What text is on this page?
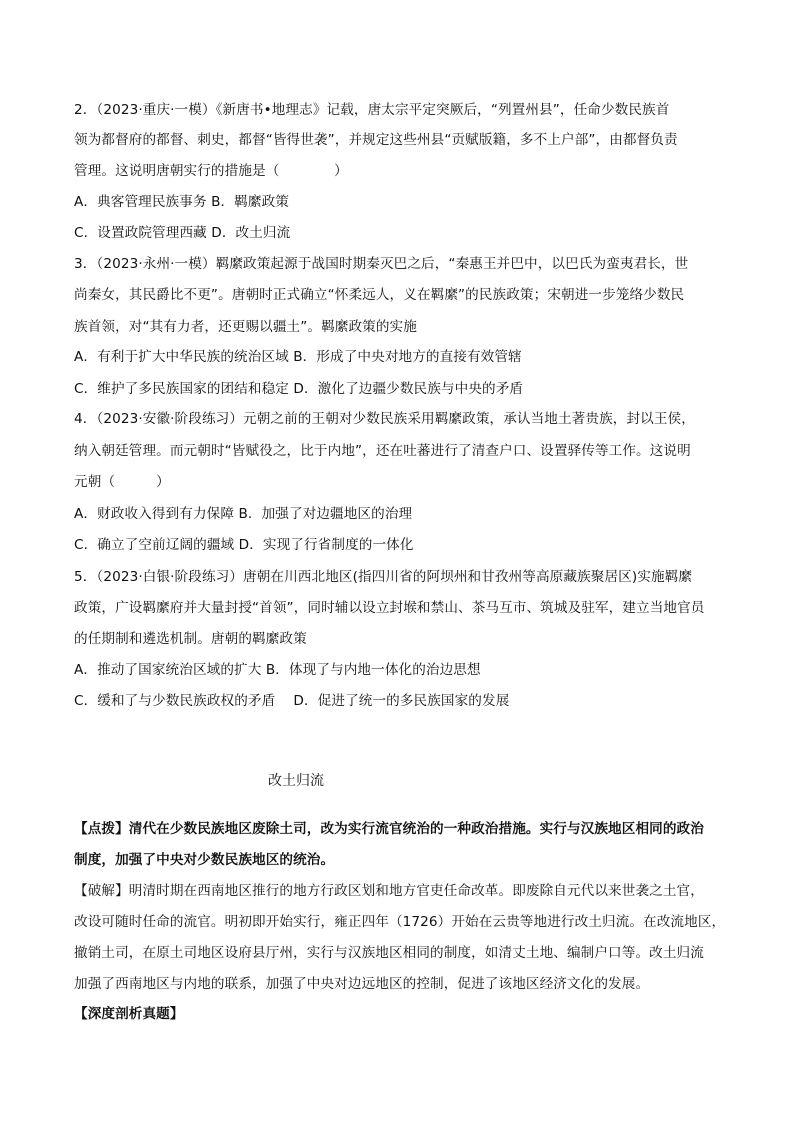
2．（2023·重庆·一模）《新唐书•地理志》记载，唐太宗平定突厥后，“列置州县”，任命少数民族首
领为都督府的都督、刺史，都督“皆得世袭”，并规定这些州县“贡赋版籍，多不上户部”，由都督负责
管理。这说明唐朝实行的措施是（　　　　）
A．典客管理民族事务 B．羁縻政策
C．设置政院管理西藏 D．改土归流
3．（2023·永州·一模）羁縻政策起源于战国时期秦灭巴之后，“秦惠王并巴中，以巴氏为蛮夷君长，世
尚秦女，其民爵比不更”。唐朝时正式确立“怀柔远人，义在羁縻”的民族政策；宋朝进一步笼络少数民
族首领，对“其有力者，还更赐以疆土”。羁縻政策的实施
A．有利于扩大中华民族的统治区域 B．形成了中央对地方的直接有效管辖
C．维护了多民族国家的团结和稳定 D．激化了边疆少数民族与中央的矛盾
4．（2023·安徽·阶段练习）元朝之前的王朝对少数民族采用羁縻政策，承认当地土著贵族，封以王侯，
纳入朝廷管理。而元朝时“皆赋役之，比于内地”，还在吐蕃进行了清查户口、设置驿传等工作。这说明
元朝（　　　）
A．财政收入得到有力保障 B．加强了对边疆地区的治理
C．确立了空前辽阔的疆域 D．实现了行省制度的一体化
5．（2023·白银·阶段练习）唐朝在川西北地区(指四川省的阿坝州和甘孜州等高原藏族聚居区)实施羁縻
政策，广设羁縻府并大量封授“首领”，同时辅以设立封堠和禁山、茶马互市、筑城及驻军，建立当地官员
的任期制和遴选机制。唐朝的羁縻政策
A．推动了国家统治区域的扩大 B．体现了与内地一体化的治边思想
C．缓和了与少数民族政权的矛盾　 D．促进了统一的多民族国家的发展
改土归流
【点拨】清代在少数民族地区废除土司，改为实行流官统治的一种政治措施。实行与汉族地区相同的政治
制度，加强了中央对少数民族地区的统治。
【破解】明清时期在西南地区推行的地方行政区划和地方官吏任命改革。即废除自元代以来世袭之土官，
改设可随时任命的流官。明初即开始实行，雍正四年（1726）开始在云贵等地进行改土归流。在改流地区，
撤销土司，在原土司地区设府县厅州，实行与汉族地区相同的制度，如清丈土地、编制户口等。改土归流
加强了西南地区与内地的联系，加强了中央对边远地区的控制，促进了该地区经济文化的发展。
【深度剖析真题】
